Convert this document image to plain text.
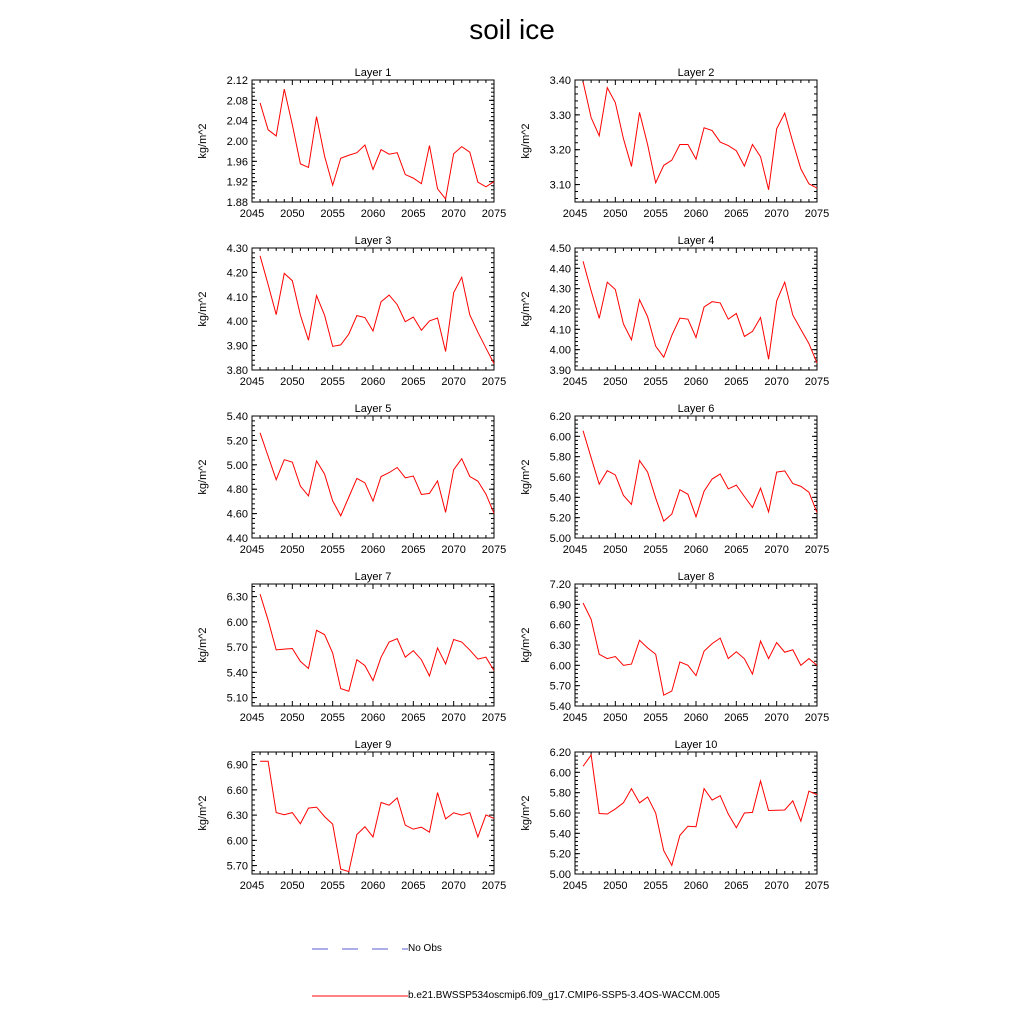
soil ice
Layer 1
kg/m^2
2045 2050 2055 2060 2065 2070 2075
1.88
1.92
1.96
2.00
2.04
2.08
2.12
Layer 2
kg/m^2
2045 2050 2055 2060 2065 2070 2075
3.10
3.20
3.30
3.40
Layer 3
kg/m^2
2045 2050 2055 2060 2065 2070 2075
3.80
3.90
4.00
4.10
4.20
4.30
Layer 4
kg/m^2
2045 2050 2055 2060 2065 2070 2075
3.90
4.00
4.10
4.20
4.30
4.40
4.50
Layer 5
kg/m^2
2045 2050 2055 2060 2065 2070 2075
4.40
4.60
4.80
5.00
5.20
5.40
Layer 6
kg/m^2
2045 2050 2055 2060 2065 2070 2075
5.00
5.20
5.40
5.60
5.80
6.00
6.20
Layer 7
kg/m^2
2045 2050 2055 2060 2065 2070 2075
5.10
5.40
5.70
6.00
6.30
Layer 8
kg/m^2
2045 2050 2055 2060 2065 2070 2075
5.40
5.70
6.00
6.30
6.60
6.90
7.20
Layer 9
kg/m^2
2045 2050 2055 2060 2065 2070 2075
5.70
6.00
6.30
6.60
6.90
Layer 10
kg/m^2
2045 2050 2055 2060 2065 2070 2075
5.00
5.20
5.40
5.60
5.80
6.00
6.20
No Obs
b.e21.BWSSP534oscmip6.f09_g17.CMIP6-SSP5-3.4OS-WACCM.005
